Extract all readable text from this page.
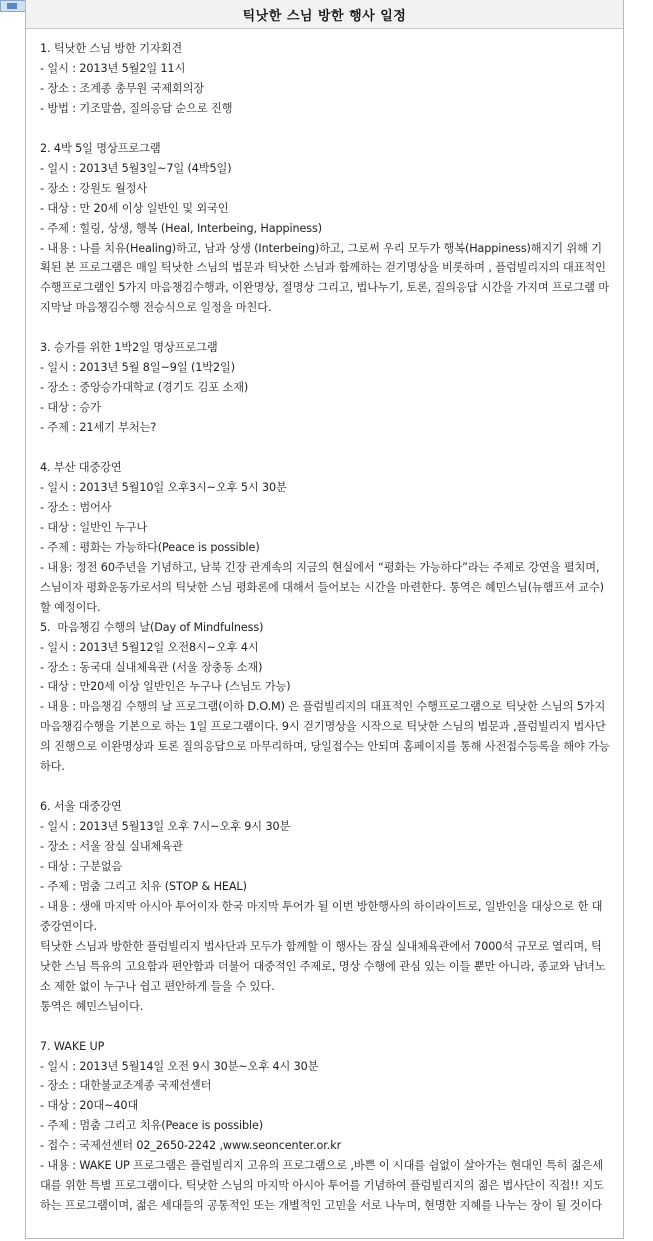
틱낫한 스님 방한 행사 일정
1. 틱낫한 스님 방한 기자회견
- 일시 : 2013년 5월2일 11시
- 장소 : 조계종 총무원 국제회의장
- 방법 : 기조말씀, 질의응답 순으로 진행
2. 4박 5일 명상프로그램
- 일시 : 2013년 5월3일~7일 (4박5일)
- 장소 : 강원도 월정사
- 대상 : 만 20세 이상 일반인 및 외국인
- 주제 : 힐링, 상생, 행복 (Heal, Interbeing, Happiness)
- 내용 : 나를 치유(Healing)하고, 남과 상생 (Interbeing)하고, 그로써 우리 모두가 행복(Happiness)해지기 위해 기획된 본 프로그램은 매일 틱낫한 스님의 법문과 틱낫한 스님과 함께하는 걷기명상을 비롯하며 , 플럼빌리지의 대표적인 수행프로그램인 5가지 마음챙김수행과, 이완명상, 절명상 그리고, 법나누기, 토론, 질의응답 시간을 가지며 프로그램 마지막날 마음챙김수행 전승식으로 일정을 마친다.
3. 승가를 위한 1박2일 명상프로그램
- 일시 : 2013년 5월 8일~9일 (1박2일)
- 장소 : 중앙승가대학교 (경기도 김포 소재)
- 대상 : 승가
- 주제 : 21세기 부처는?
4. 부산 대중강연
- 일시 : 2013년 5월10일 오후3시~오후 5시 30분
- 장소 : 범어사
- 대상 : 일반인 누구나
- 주제 : 평화는 가능하다(Peace is possible)
- 내용: 정전 60주년을 기념하고, 남북 긴장 관계속의 지금의 현실에서 “평화는 가능하다”라는 주제로 강연을 펼치며, 스님이자 평화운동가로서의 틱낫한 스님 평화론에 대해서 들어보는 시간을 마련한다. 통역은 혜민스님(뉴햄프셔 교수) 할 예정이다.
5.  마음챙김 수행의 날(Day of Mindfulness)
- 일시 : 2013년 5월12일 오전8시~오후 4시
- 장소 : 동국대 실내체육관 (서울 장충동 소재)
- 대상 : 만20세 이상 일반인은 누구나 (스님도 가능)
- 내용 : 마음챙김 수행의 날 프로그램(이하 D.O.M) 은 플럼빌리지의 대표적인 수행프로그램으로 틱낫한 스님의 5가지 마음챙김수행을 기본으로 하는 1일 프로그램이다. 9시 걷기명상을 시작으로 틱낫한 스님의 법문과 ,플럼빌리지 법사단의 진행으로 이완명상과 토론 질의응답으로 마무리하며, 당일접수는 안되며 홈페이지를 통해 사전접수등록을 해야 가능하다.
6. 서울 대중강연
- 일시 : 2013년 5월13일 오후 7시~오후 9시 30분
- 장소 : 서울 잠실 실내체육관
- 대상 : 구분없음
- 주제 : 멈춤 그리고 치유 (STOP & HEAL)
- 내용 : 생애 마지막 아시아 투어이자 한국 마지막 투어가 될 이번 방한행사의 하이라이트로, 일반인을 대상으로 한 대중강연이다.
틱낫한 스님과 방한한 플럼빌리지 법사단과 모두가 함께할 이 행사는 잠실 실내체육관에서 7000석 규모로 열리며, 틱낫한 스님 특유의 고요함과 편안함과 더불어 대중적인 주제로, 명상 수행에 관심 있는 이들 뿐만 아니라, 종교와 남녀노소 제한 없이 누구나 쉽고 편안하게 들을 수 있다.
통역은 혜민스님이다.
7. WAKE UP
- 일시 : 2013년 5월14일 오전 9시 30분~오후 4시 30분
- 장소 : 대한불교조계종 국제선센터
- 대상 : 20대~40대
- 주제 : 멈춤 그리고 치유(Peace is possible)
- 접수 : 국제선센터 02_2650-2242 ,www.seoncenter.or.kr
- 내용 : WAKE UP 프로그램은 플럼빌리지 고유의 프로그램으로 ,바쁜 이 시대를 쉼없이 살아가는 현대인 특히 젊은세대를 위한 특별 프로그램이다. 틱낫한 스님의 마지막 아시아 투어를 기념하여 플럼빌리지의 젊은 법사단이 직접!! 지도하는 프로그램이며, 젊은 세대들의 공통적인 또는 개별적인 고민을 서로 나누며, 현명한 지혜를 나누는 장이 될 것이다
